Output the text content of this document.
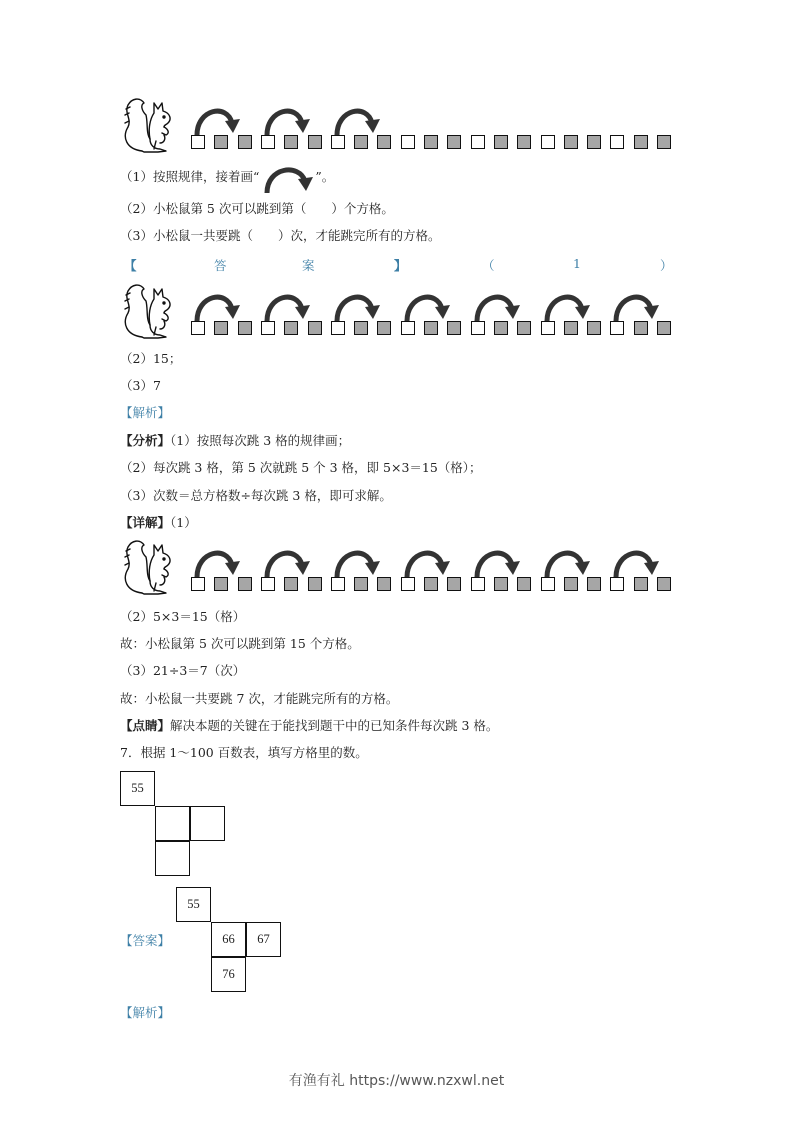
（1）按照规律，接着画“	”。
（2）小松鼠第 5 次可以跳到第（　　）个方格。
（3）小松鼠一共要跳（　　）次，才能跳完所有的方格。
【	答	案	】	（	1	）
（2）15；
（3）7
【解析】
【分析】（1）按照每次跳 3 格的规律画；
（2）每次跳 3 格，第 5 次就跳 5 个 3 格，即 5×3＝15（格）；
（3）次数＝总方格数÷每次跳 3 格，即可求解。
【详解】（1）
（2）5×3＝15（格）
故：小松鼠第 5 次可以跳到第 15 个方格。
（3）21÷3＝7（次）
故：小松鼠一共要跳 7 次，才能跳完所有的方格。
【点睛】解决本题的关键在于能找到题干中的已知条件每次跳 3 格。
7．根据 1～100 百数表，填写方格里的数。
55
55
【答案】	66	67
76
【解析】
有渔有礼 https://www.nzxwl.net
